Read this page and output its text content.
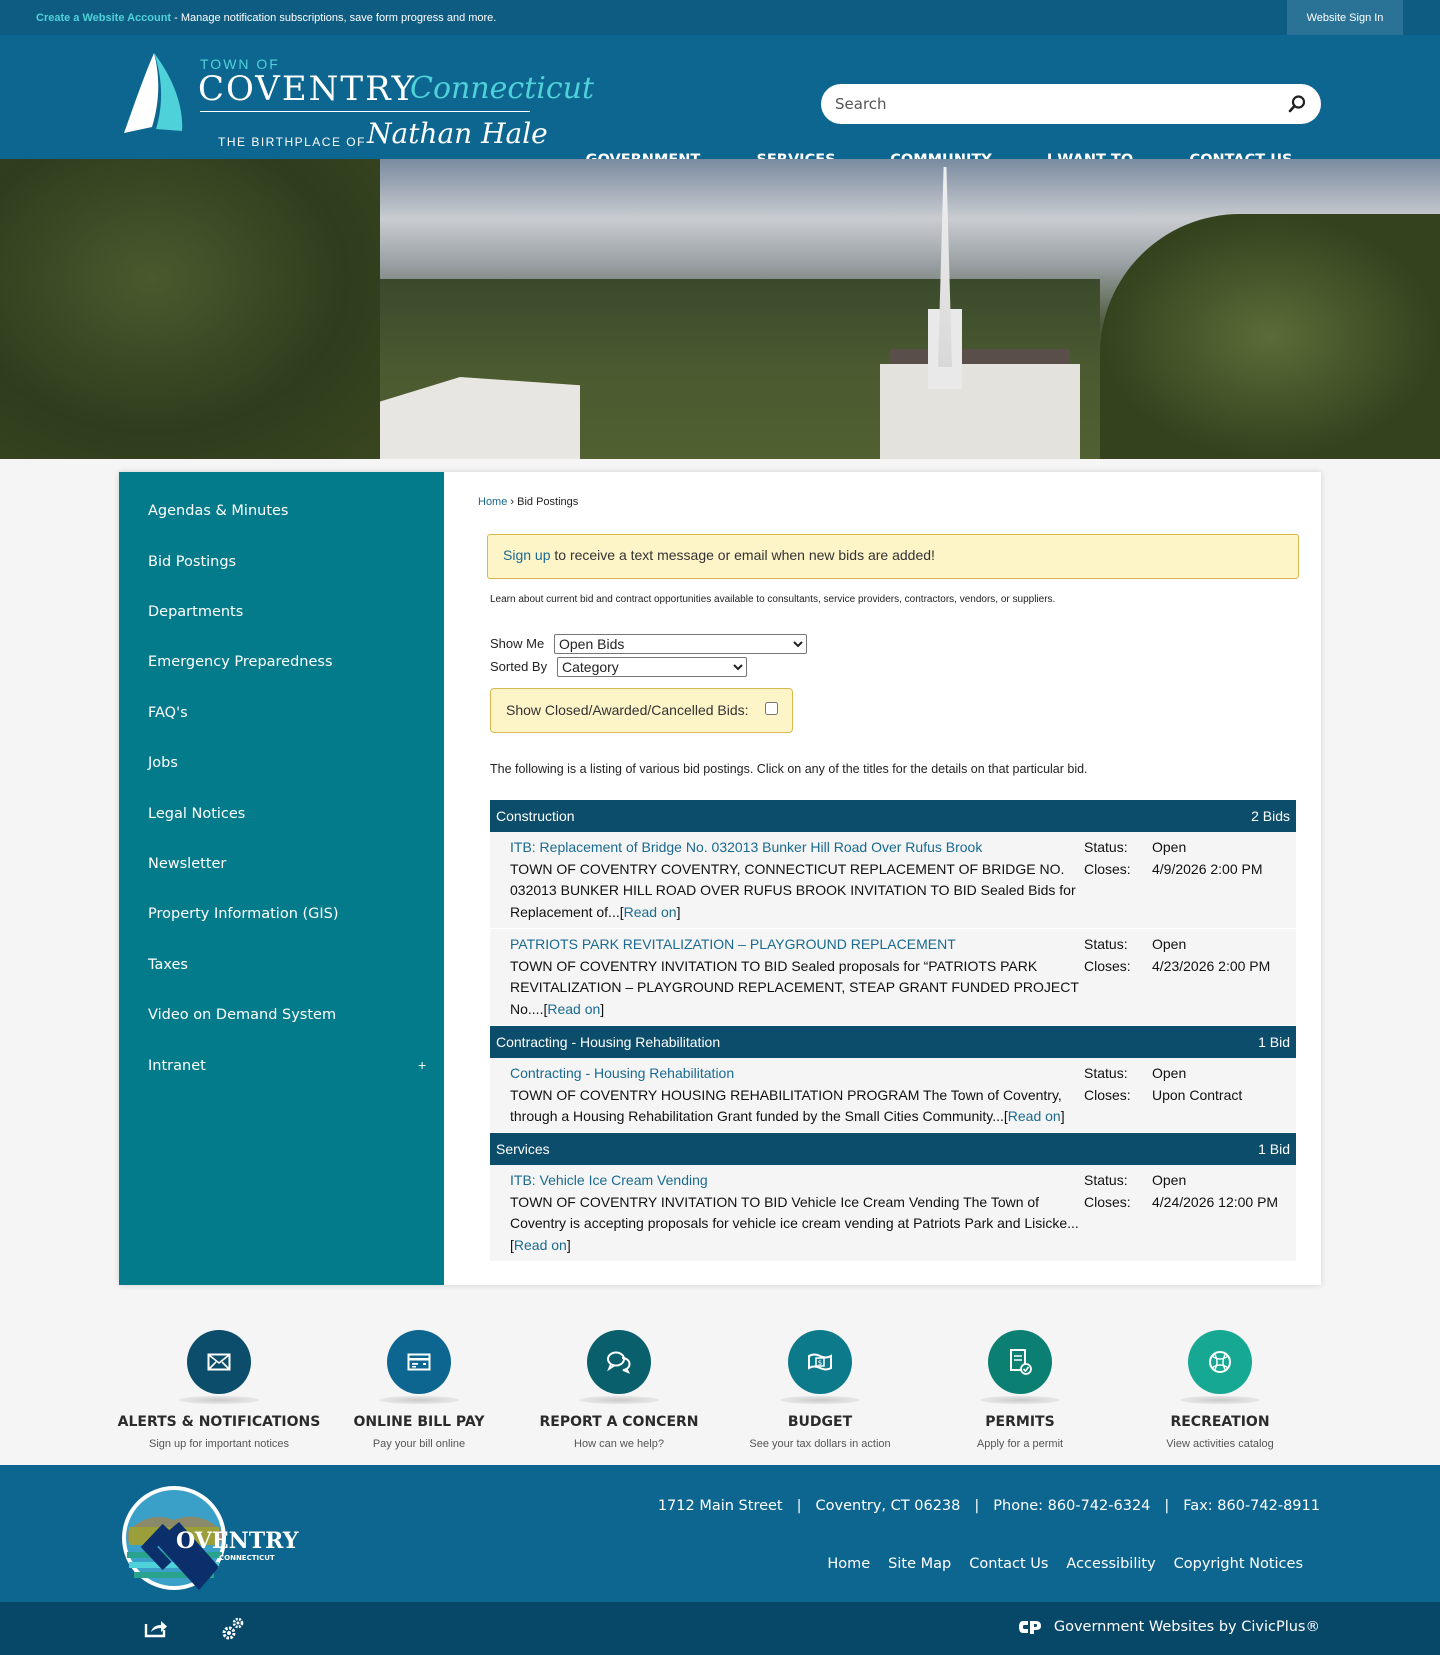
Create a Website Account - Manage notification subscriptions, save form progress and more.	Website Sign In
TOWN OF
COVENTRY
Connecticut
THE BIRTHPLACE OF Nathan Hale
Search
Agendas & Minutes
Bid Postings
Departments
Emergency Preparedness
FAQ's
Jobs
Legal Notices
Newsletter
Property Information (GIS)
Taxes
Video on Demand System
Intranet	+
Home › Bid Postings
Sign up to receive a text message or email when new bids are added!
Learn about current bid and contract opportunities available to consultants, service providers, contractors, vendors, or suppliers.
Show Me
Open Bids
Sorted By
Category
Show Closed/Awarded/Cancelled Bids:
The following is a listing of various bid postings. Click on any of the titles for the details on that particular bid.
Construction	2 Bids
ITB: Replacement of Bridge No. 032013 Bunker Hill Road Over Rufus Brook
TOWN OF COVENTRY COVENTRY, CONNECTICUT REPLACEMENT OF BRIDGE NO. 032013 BUNKER HILL ROAD OVER RUFUS BROOK INVITATION TO BID Sealed Bids for Replacement of...[Read on]
Status:	Open
Closes:	4/9/2026 2:00 PM
PATRIOTS PARK REVITALIZATION – PLAYGROUND REPLACEMENT
TOWN OF COVENTRY INVITATION TO BID Sealed proposals for “PATRIOTS PARK REVITALIZATION – PLAYGROUND REPLACEMENT, STEAP GRANT FUNDED PROJECT No....[Read on]
Status:	Open
Closes:	4/23/2026 2:00 PM
Contracting - Housing Rehabilitation	1 Bid
Contracting - Housing Rehabilitation
TOWN OF COVENTRY HOUSING REHABILITATION PROGRAM The Town of Coventry, through a Housing Rehabilitation Grant funded by the Small Cities Community...[Read on]
Status:	Open
Closes:	Upon Contract
Services	1 Bid
ITB: Vehicle Ice Cream Vending
TOWN OF COVENTRY INVITATION TO BID Vehicle Ice Cream Vending The Town of Coventry is accepting proposals for vehicle ice cream vending at Patriots Park and Lisicke...[Read on]
Status:	Open
Closes:	4/24/2026 12:00 PM
ALERTS & NOTIFICATIONS
Sign up for important notices
ONLINE BILL PAY
Pay your bill online
REPORT A CONCERN
How can we help?
$
BUDGET
See your tax dollars in action
PERMITS
Apply for a permit
RECREATION
View activities catalog
OVENTRY
CONNECTICUT
1712 Main Street | Coventry, CT 06238 | Phone: 860-742-6324 | Fax: 860-742-8911
Home Site Map Contact Us Accessibility Copyright Notices
Government Websites by CivicPlus®
